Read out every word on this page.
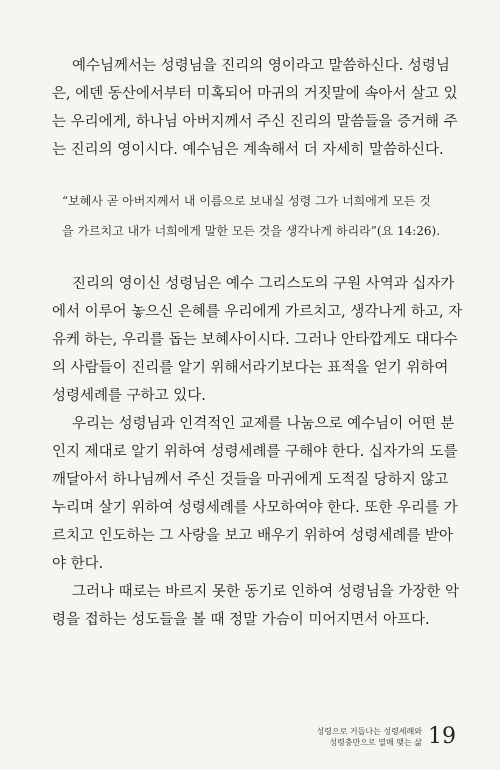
예수님께서는 성령님을 진리의 영이라고 말씀하신다. 성령님
은, 에덴 동산에서부터 미혹되어 마귀의 거짓말에 속아서 살고 있
는 우리에게, 하나님 아버지께서 주신 진리의 말씀들을 증거해 주
는 진리의 영이시다. 예수님은 계속해서 더 자세히 말씀하신다.

“보혜사 곧 아버지께서 내 이름으로 보내실 성령 그가 너희에게 모든 것
을 가르치고 내가 너희에게 말한 모든 것을 생각나게 하리라”(요 14:26).

진리의 영이신 성령님은 예수 그리스도의 구원 사역과 십자가
에서 이루어 놓으신 은혜를 우리에게 가르치고, 생각나게 하고, 자
유케 하는, 우리를 돕는 보혜사이시다. 그러나 안타깝게도 대다수
의 사람들이 진리를 알기 위해서라기보다는 표적을 얻기 위하여
성령세례를 구하고 있다.

우리는 성령님과 인격적인 교제를 나눔으로 예수님이 어떤 분
인지 제대로 알기 위하여 성령세례를 구해야 한다. 십자가의 도를
깨달아서 하나님께서 주신 것들을 마귀에게 도적질 당하지 않고
누리며 살기 위하여 성령세례를 사모하여야 한다. 또한 우리를 가
르치고 인도하는 그 사랑을 보고 배우기 위하여 성령세례를 받아
야 한다.

그러나 때로는 바르지 못한 동기로 인하여 성령님을 가장한 악
령을 접하는 성도들을 볼 때 정말 가슴이 미어지면서 아프다.

성령으로 거듭나는 성령세례와
성령충만으로 열매 맺는 삶 19
